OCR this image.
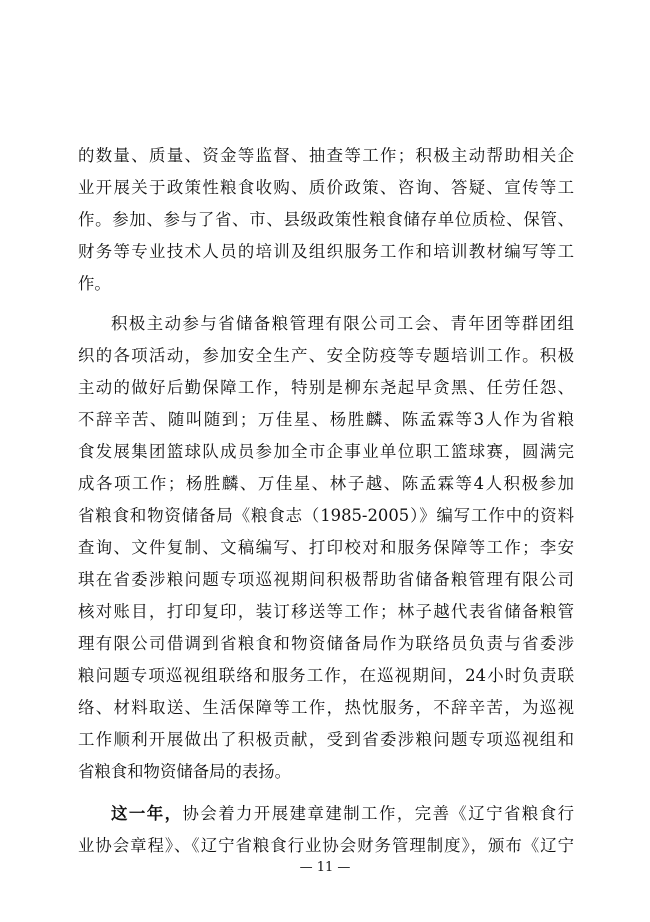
的数量、质量、资金等监督、抽查等工作；积极主动帮助相关企
业开展关于政策性粮食收购、质价政策、咨询、答疑、宣传等工
作。参加、参与了省、市、县级政策性粮食储存单位质检、保管、
财务等专业技术人员的培训及组织服务工作和培训教材编写等工
作。
积极主动参与省储备粮管理有限公司工会、青年团等群团组
织的各项活动，参加安全生产、安全防疫等专题培训工作。积极
主动的做好后勤保障工作，特别是柳东尧起早贪黑、任劳任怨、
不辞辛苦、随叫随到；万佳星、杨胜麟、陈孟霖等3人作为省粮
食发展集团篮球队成员参加全市企事业单位职工篮球赛，圆满完
成各项工作；杨胜麟、万佳星、林子越、陈孟霖等4人积极参加
省粮食和物资储备局《粮食志（1985-2005）》编写工作中的资料
查询、文件复制、文稿编写、打印校对和服务保障等工作；李安
琪在省委涉粮问题专项巡视期间积极帮助省储备粮管理有限公司
核对账目，打印复印，装订移送等工作；林子越代表省储备粮管
理有限公司借调到省粮食和物资储备局作为联络员负责与省委涉
粮问题专项巡视组联络和服务工作，在巡视期间，24小时负责联
络、材料取送、生活保障等工作，热忱服务，不辞辛苦，为巡视
工作顺利开展做出了积极贡献，受到省委涉粮问题专项巡视组和
省粮食和物资储备局的表扬。
这一年，协会着力开展建章建制工作，完善《辽宁省粮食行
业协会章程》、《辽宁省粮食行业协会财务管理制度》，颁布《辽宁
— 11 —
